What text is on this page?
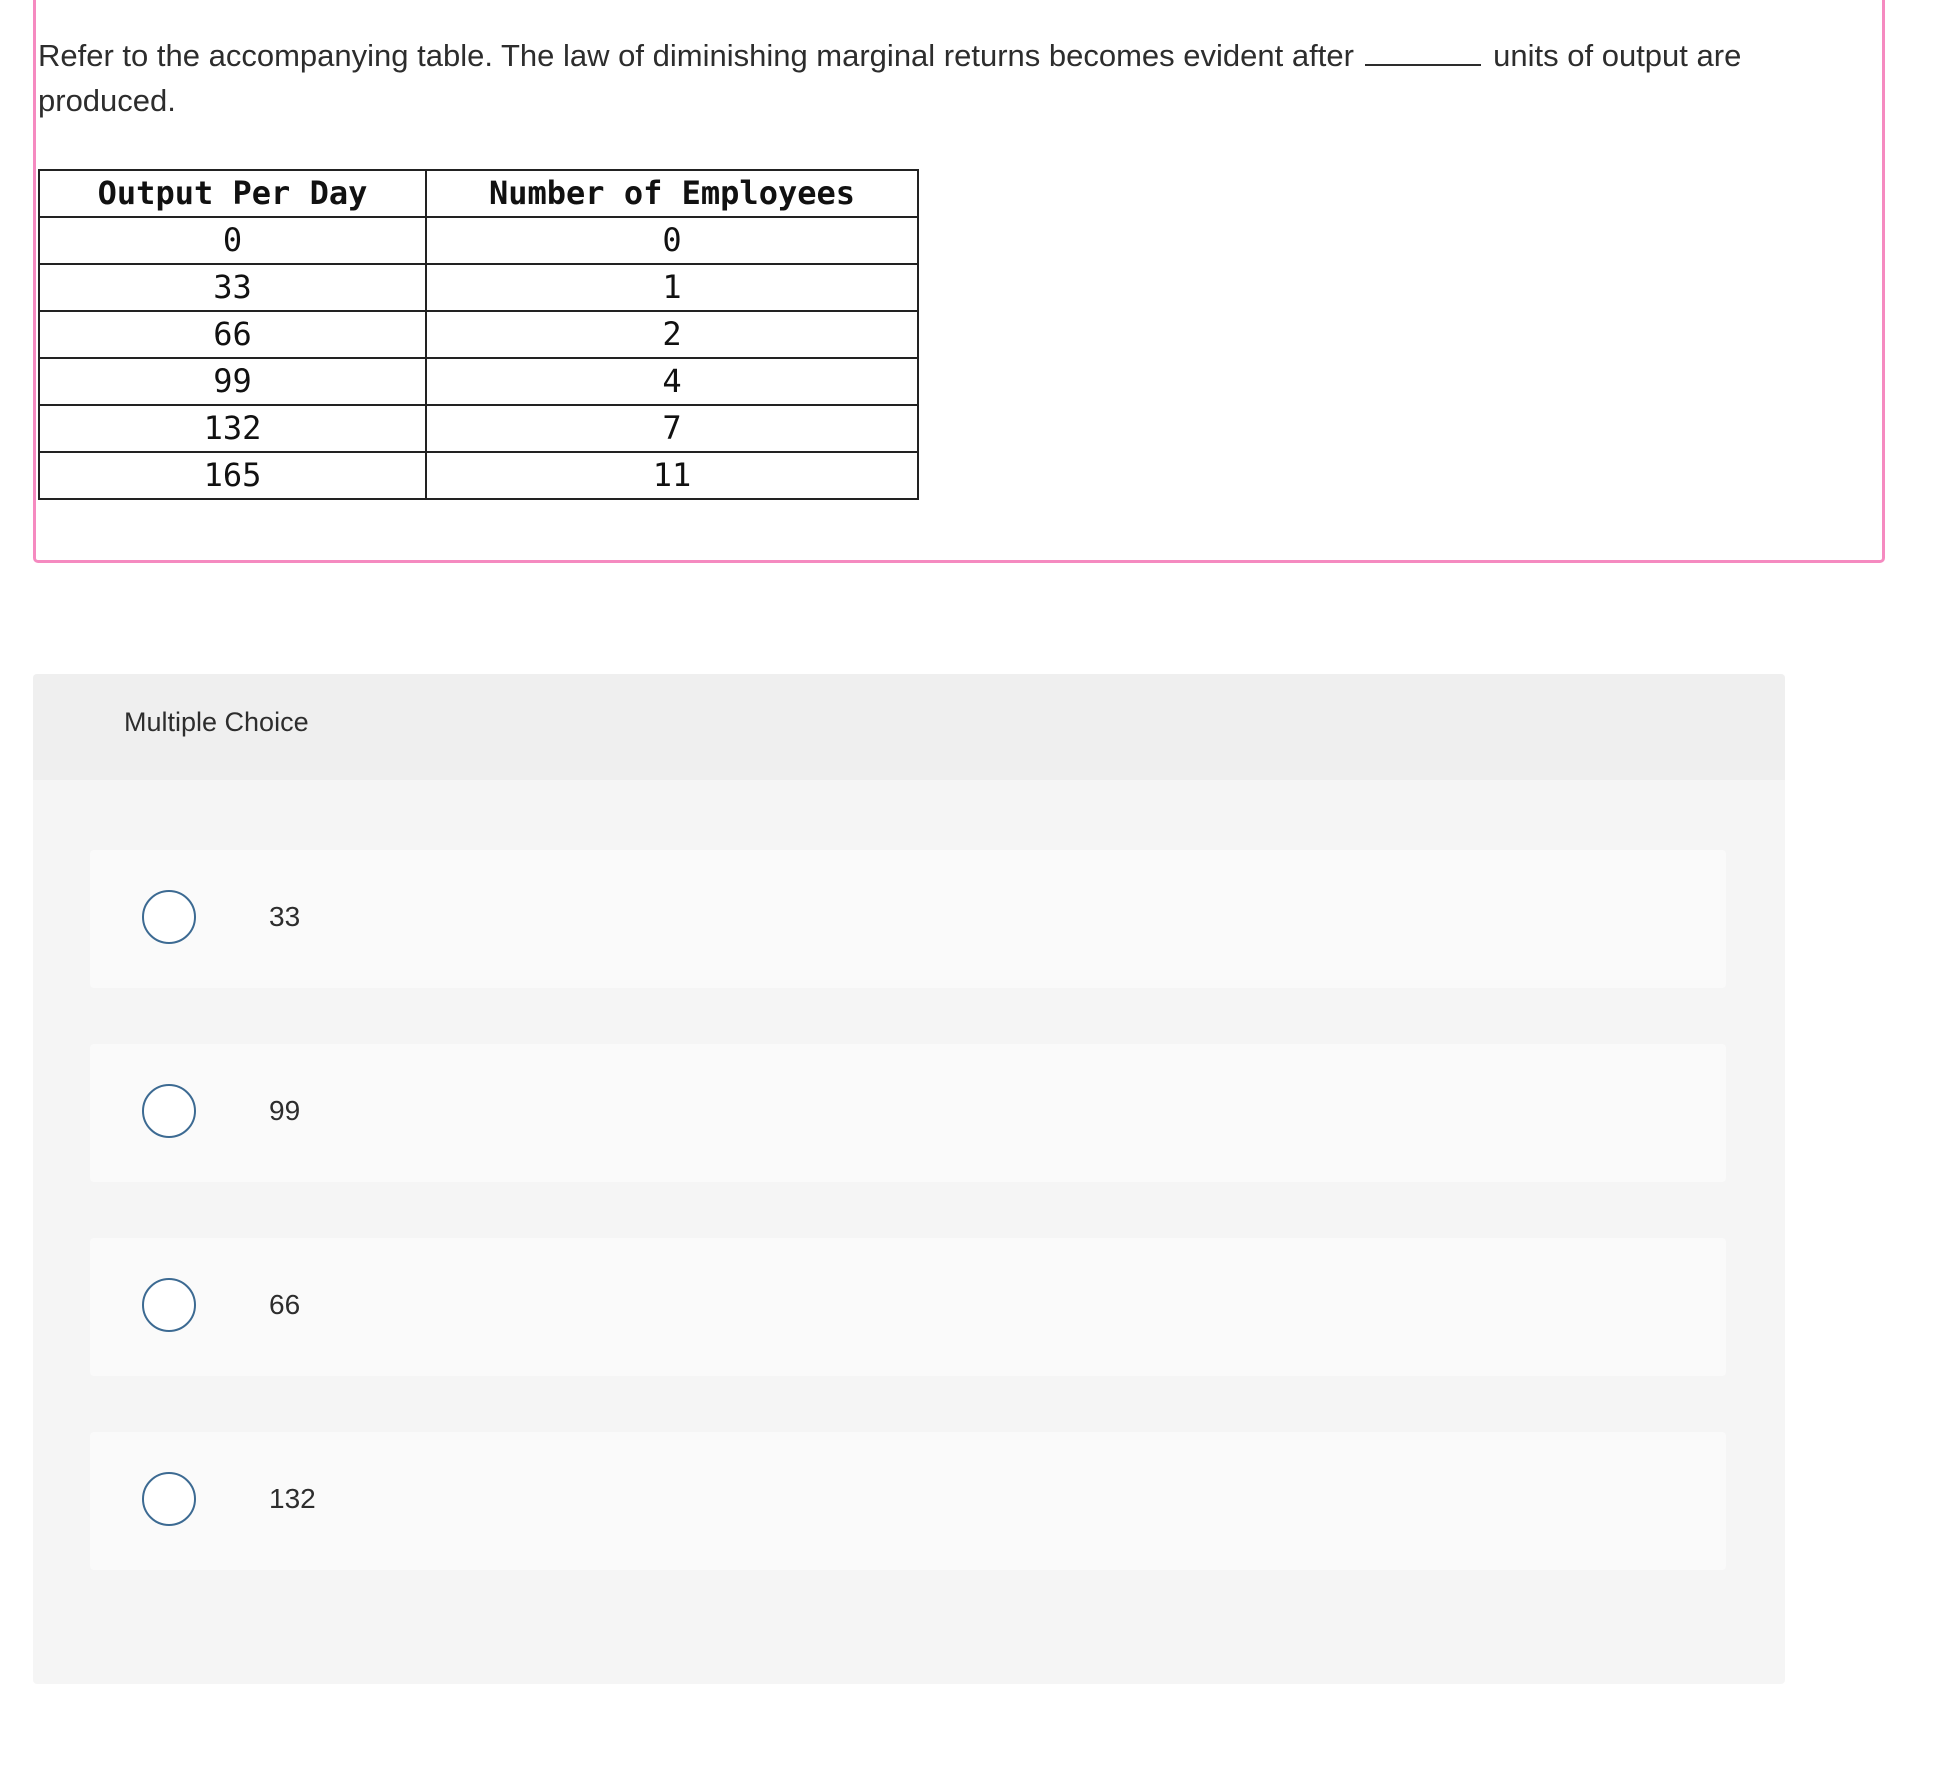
Refer to the accompanying table. The law of diminishing marginal returns becomes evident after	units of output are produced.

Output Per Day	Number of Employees
0	0
33	1
66	2
99	4
132	7
165	11
Multiple Choice
33
99
66
132
